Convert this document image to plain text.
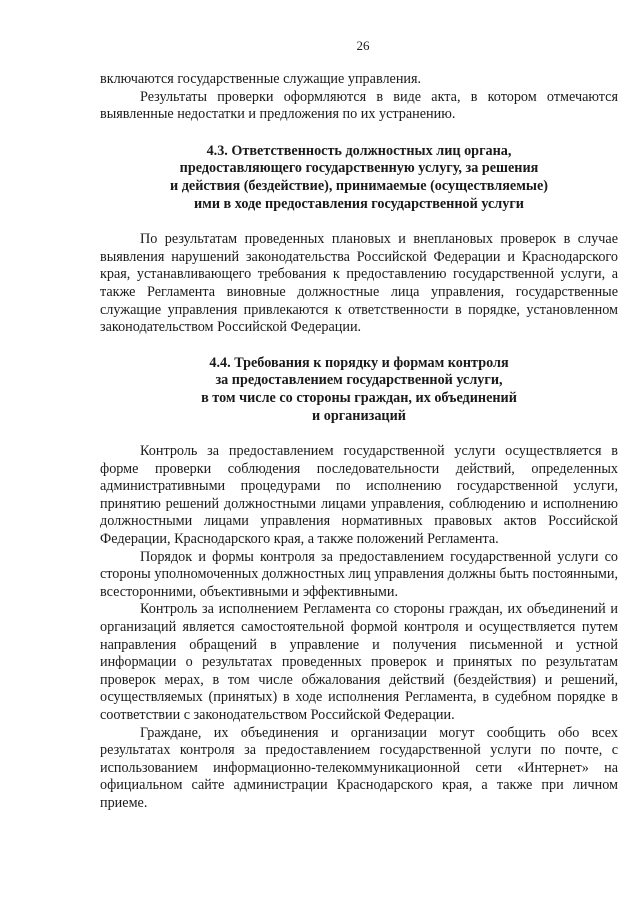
26

включаются государственные служащие управления.

Результаты проверки оформляются в виде акта, в котором отмечаются выявленные недостатки и предложения по их устранению.

4.3. Ответственность должностных лиц органа,
предоставляющего государственную услугу, за решения
и действия (бездействие), принимаемые (осуществляемые)
ими в ходе предоставления государственной услуги

По результатам проведенных плановых и внеплановых проверок в случае выявления нарушений законодательства Российской Федерации и Краснодарского края, устанавливающего требования к предоставлению государственной услуги, а также Регламента виновные должностные лица управления, государственные служащие управления привлекаются к ответственности в порядке, установленном законодательством Российской Федерации.

4.4. Требования к порядку и формам контроля
за предоставлением государственной услуги,
в том числе со стороны граждан, их объединений
и организаций

Контроль за предоставлением государственной услуги осуществляется в форме проверки соблюдения последовательности действий, определенных административными процедурами по исполнению государственной услуги, принятию решений должностными лицами управления, соблюдению и исполнению должностными лицами управления нормативных правовых актов Российской Федерации, Краснодарского края, а также положений Регламента.

Порядок и формы контроля за предоставлением государственной услуги со стороны уполномоченных должностных лиц управления должны быть постоянными, всесторонними, объективными и эффективными.

Контроль за исполнением Регламента со стороны граждан, их объединений и организаций является самостоятельной формой контроля и осуществляется путем направления обращений в управление и получения письменной и устной информации о результатах проведенных проверок и принятых по результатам проверок мерах, в том числе обжалования действий (бездействия) и решений, осуществляемых (принятых) в ходе исполнения Регламента, в судебном порядке в соответствии с законодательством Российской Федерации.

Граждане, их объединения и организации могут сообщить обо всех результатах контроля за предоставлением государственной услуги по почте, с использованием информационно-телекоммуникационной сети «Интернет» на официальном сайте администрации Краснодарского края, а также при личном приеме.
